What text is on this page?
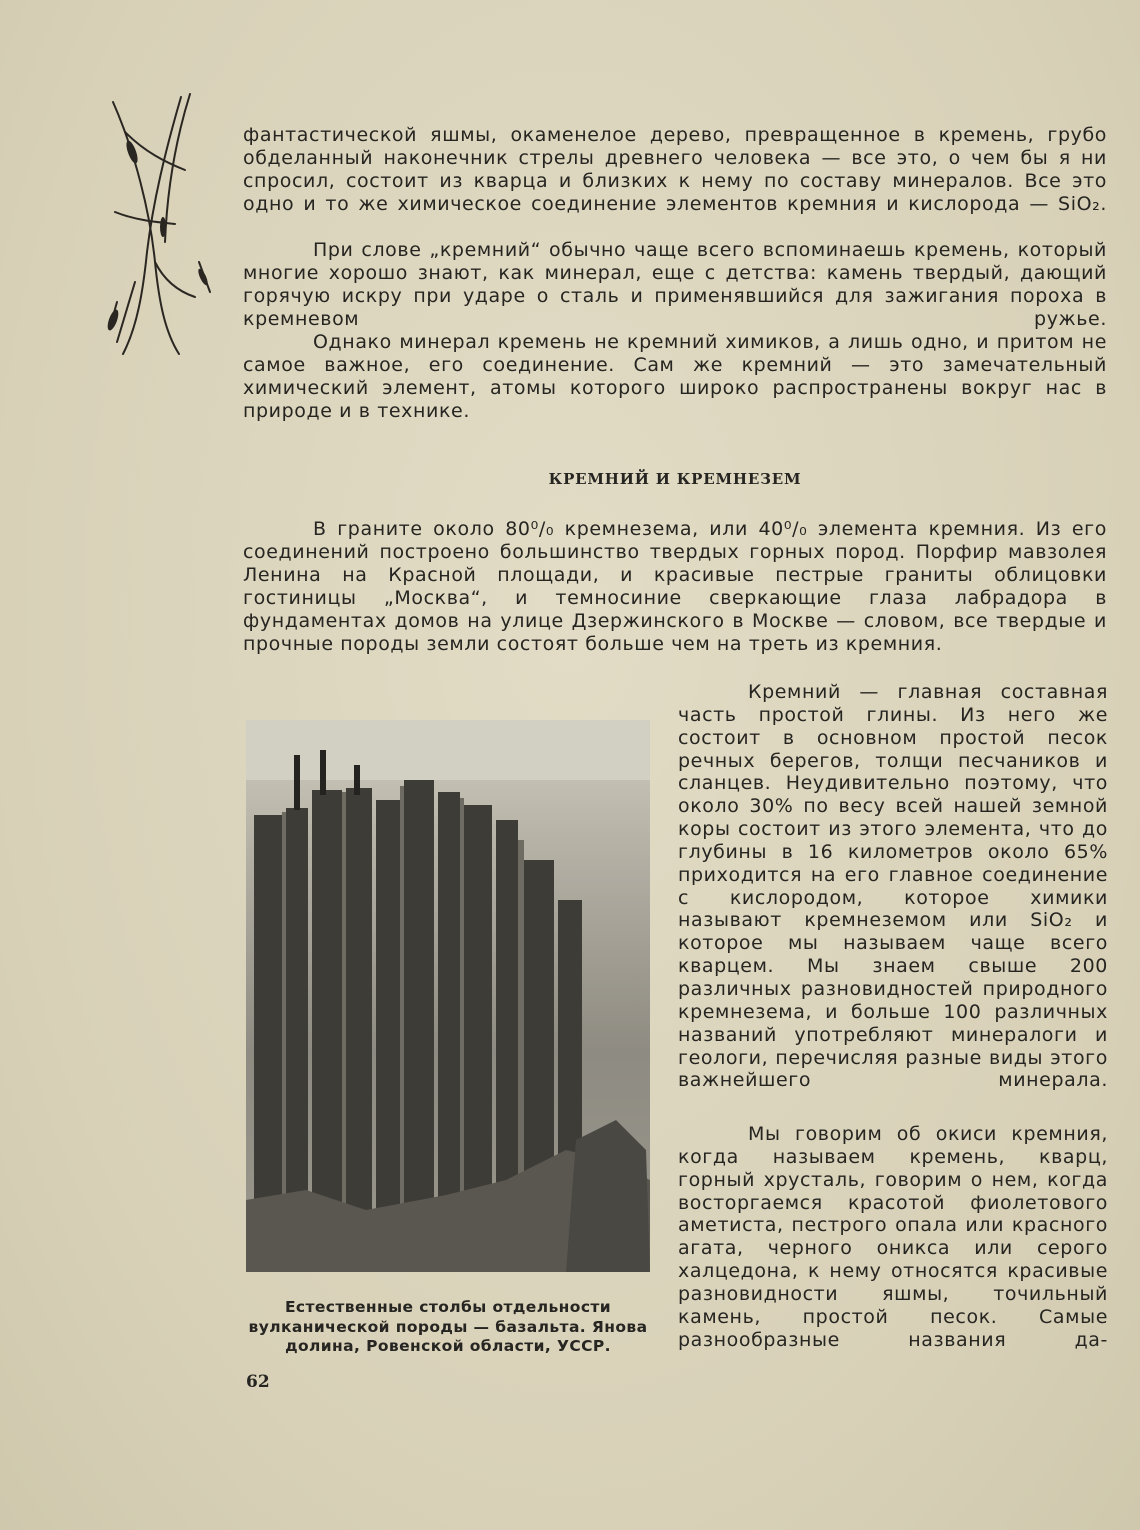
фантастической яшмы, окаменелое дерево, превращенное в кремень, грубо обделанный наконечник стрелы древнего человека — все это, о чем бы я ни спросил, состоит из кварца и близких к нему по составу минералов. Все это одно и то же химическое соединение элементов кремния и кислорода — SiO₂.

При слове „кремний“ обычно чаще всего вспоминаешь кремень, который многие хорошо знают, как минерал, еще с детства: камень твердый, дающий горячую искру при ударе о сталь и применявшийся для зажигания пороха в кремневом ружье.

Однако минерал кремень не кремний химиков, а лишь одно, и притом не самое важное, его соединение. Сам же кремний — это замечательный химический элемент, атомы которого широко распространены вокруг нас в природе и в технике.

КРЕМНИЙ И КРЕМНЕЗЕМ

В граните около 80⁰/₀ кремнезема, или 40⁰/₀ элемента кремния. Из его соединений построено большинство твердых горных пород. Порфир мавзолея Ленина на Красной площади, и красивые пестрые граниты облицовки гостиницы „Москва“, и темносиние сверкающие глаза лабрадора в фундаментах домов на улице Дзержинского в Москве — словом, все твердые и прочные породы земли состоят больше чем на треть из кремния.

Естественные столбы отдельности вулканической породы — базальта. Янова долина, Ровенской области, УССР.

Кремний — главная составная часть простой глины. Из него же состоит в основном простой песок речных берегов, толщи песчаников и сланцев. Неудивительно поэтому, что около 30% по весу всей нашей земной коры состоит из этого элемента, что до глубины в 16 километров около 65% приходится на его главное соединение с кислородом, которое химики называют кремнеземом или SiO₂ и которое мы называем чаще всего кварцем. Мы знаем свыше 200 различных разновидностей природного кремнезема, и больше 100 различных названий употребляют минералоги и геологи, перечисляя разные виды этого важнейшего минерала.

Мы говорим об окиси кремния, когда называем кремень, кварц, горный хрусталь, говорим о нем, когда восторгаемся красотой фиолетового аметиста, пестрого опала или красного агата, черного оникса или серого халцедона, к нему относятся красивые разновидности яшмы, точильный камень, простой песок. Самые разнообразные названия да-

62
